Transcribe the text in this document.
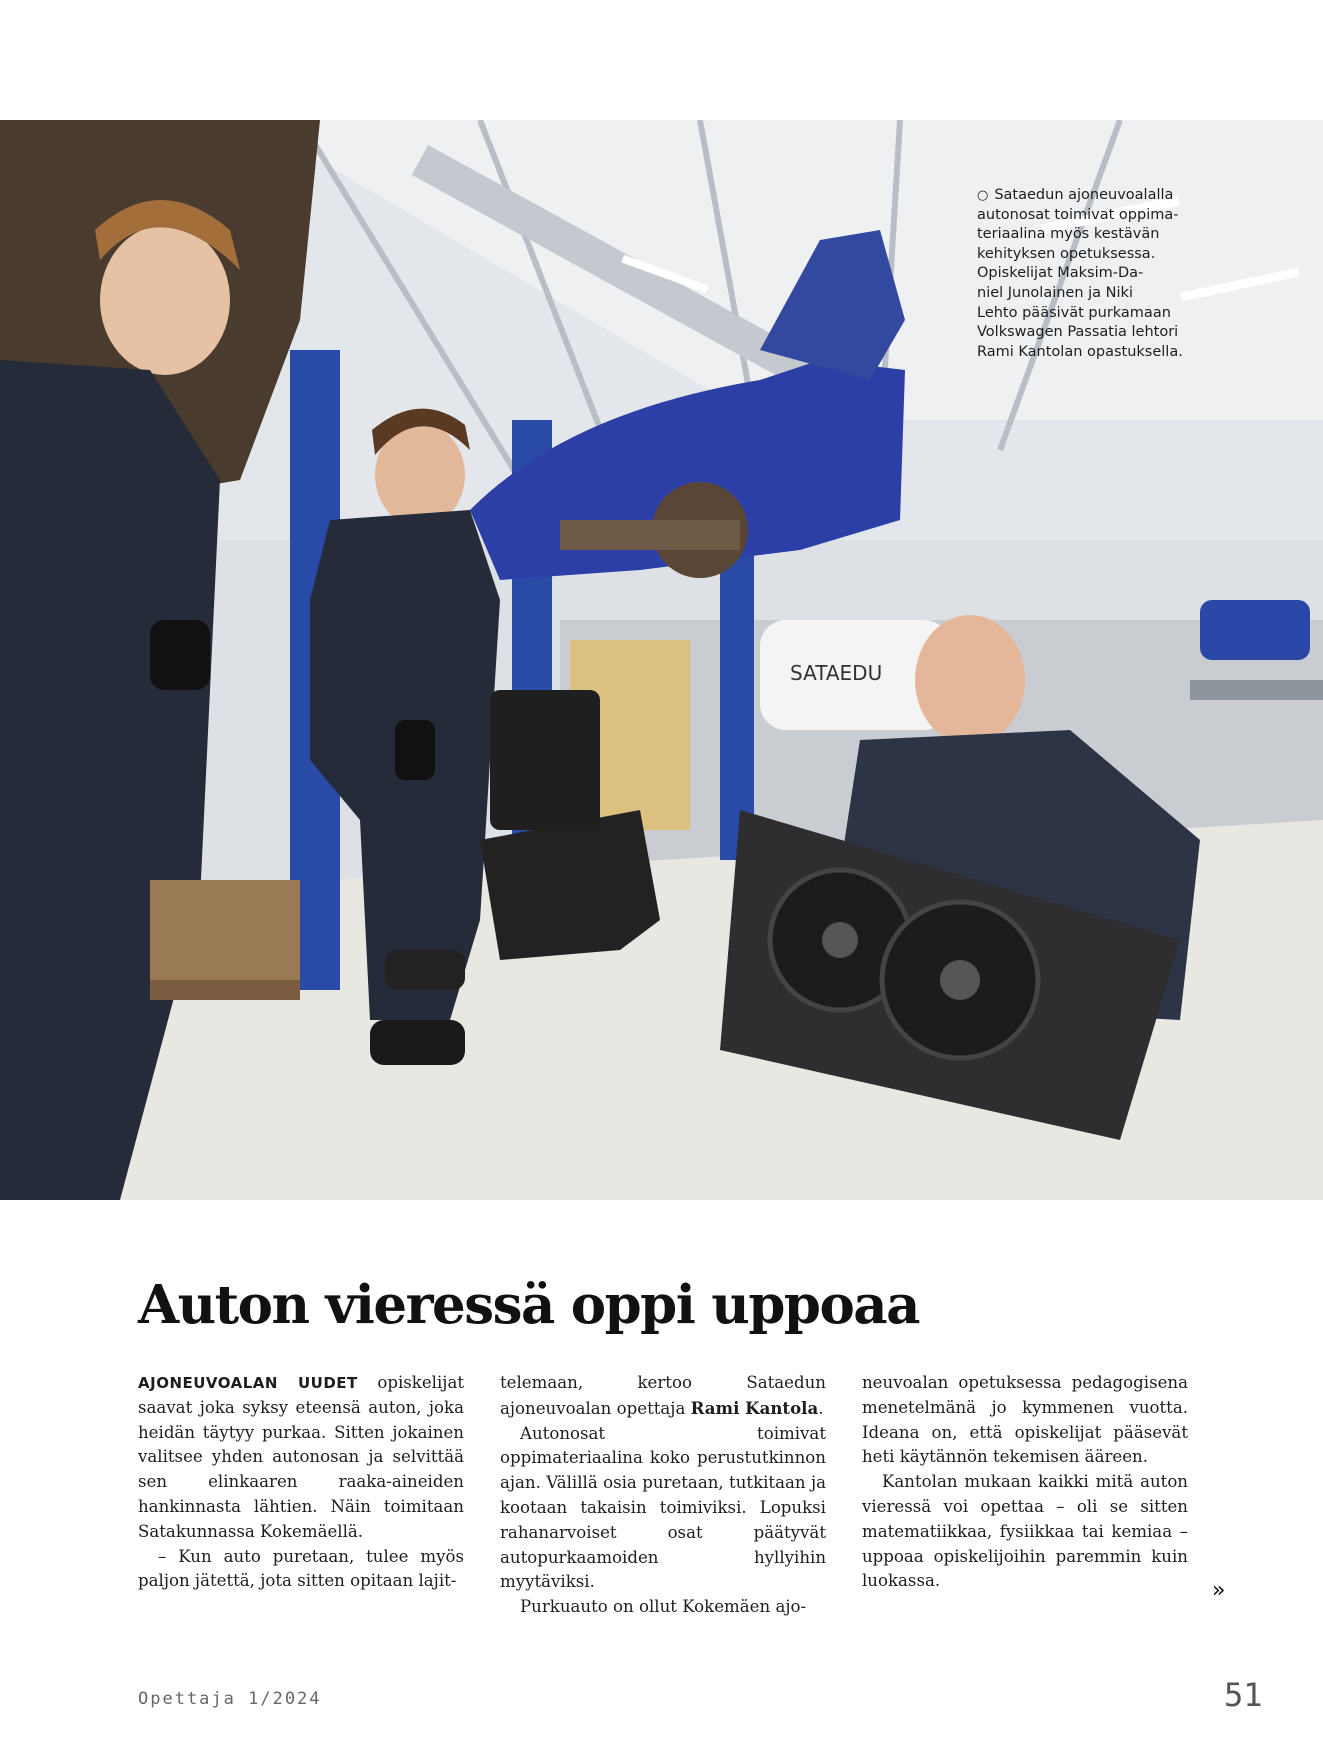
SATAEDU
○ Sataedun ajoneuvoalalla
autonosat toimivat oppima-
teriaalina myös kestävän
kehityksen opetuksessa.
Opiskelijat Maksim-Da-
niel Junolainen ja Niki
Lehto pääsivät purkamaan
Volkswagen Passatia lehtori
Rami Kantolan opastuksella.
Auton vieressä oppi uppoaa

AJONEUVOALAN UUDET opiskelijat saavat joka syksy eteensä auton, joka heidän täytyy purkaa. Sitten jokainen valitsee yhden autonosan ja selvittää sen elinkaaren raaka-aineiden hankinnasta lähtien. Näin toimitaan Satakunnassa Kokemäellä.

– Kun auto puretaan, tulee myös paljon jätettä, jota sitten opitaan lajit-

telemaan, kertoo Sataedun ajoneuvoalan opettaja Rami Kantola.

Autonosat toimivat oppimateriaalina koko perustutkinnon ajan. Välillä osia puretaan, tutkitaan ja kootaan takaisin toimiviksi. Lopuksi rahanarvoiset osat päätyvät autopurkaamoiden hyllyihin myytäviksi.

Purkuauto on ollut Kokemäen ajo-

neuvoalan opetuksessa pedagogisena menetelmänä jo kymmenen vuotta. Ideana on, että opiskelijat pääsevät heti käytännön tekemisen ääreen.

Kantolan mukaan kaikki mitä auton vieressä voi opettaa – oli se sitten matematiikkaa, fysiikkaa tai kemiaa – uppoaa opiskelijoihin paremmin kuin luokassa.	»
Opettaja 1/2024	51
